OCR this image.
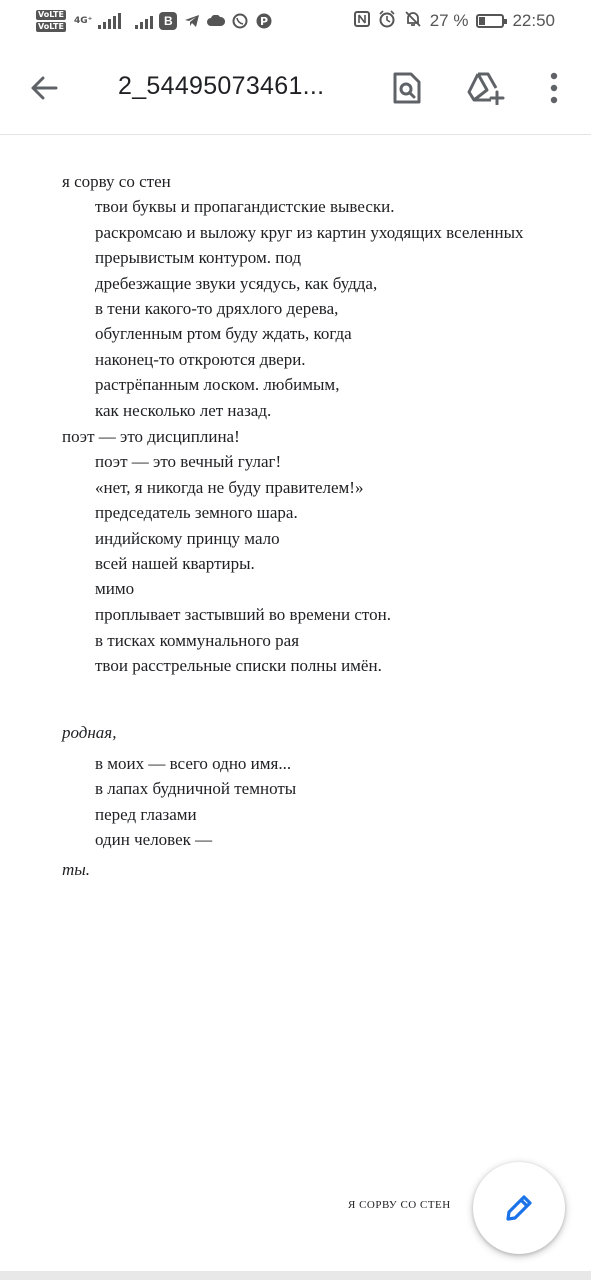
VoLTE
VoLTE
4G⁺	В	P	27 %	22:50
2_54495073461...
я сорву со стен
твои буквы и пропагандистские вывески.
раскромсаю и выложу круг из картин уходящих вселенных
прерывистым контуром. под
дребезжащие звуки усядусь, как будда,
в тени какого-то дряхлого дерева,
обугленным ртом буду ждать, когда
наконец-то откроются двери.
растрёпанным лоском. любимым,
как несколько лет назад.
поэт — это дисциплина!
поэт — это вечный гулаг!
«нет, я никогда не буду правителем!»
председатель земного шара.
индийскому принцу мало
всей нашей квартиры.
мимо
проплывает застывший во времени стон.
в тисках коммунального рая
твои расстрельные списки полны имён.
родная,
в моих — всего одно имя...
в лапах будничной темноты
перед глазами
один человек —
ты.
Я СОРВУ СО СТЕН
